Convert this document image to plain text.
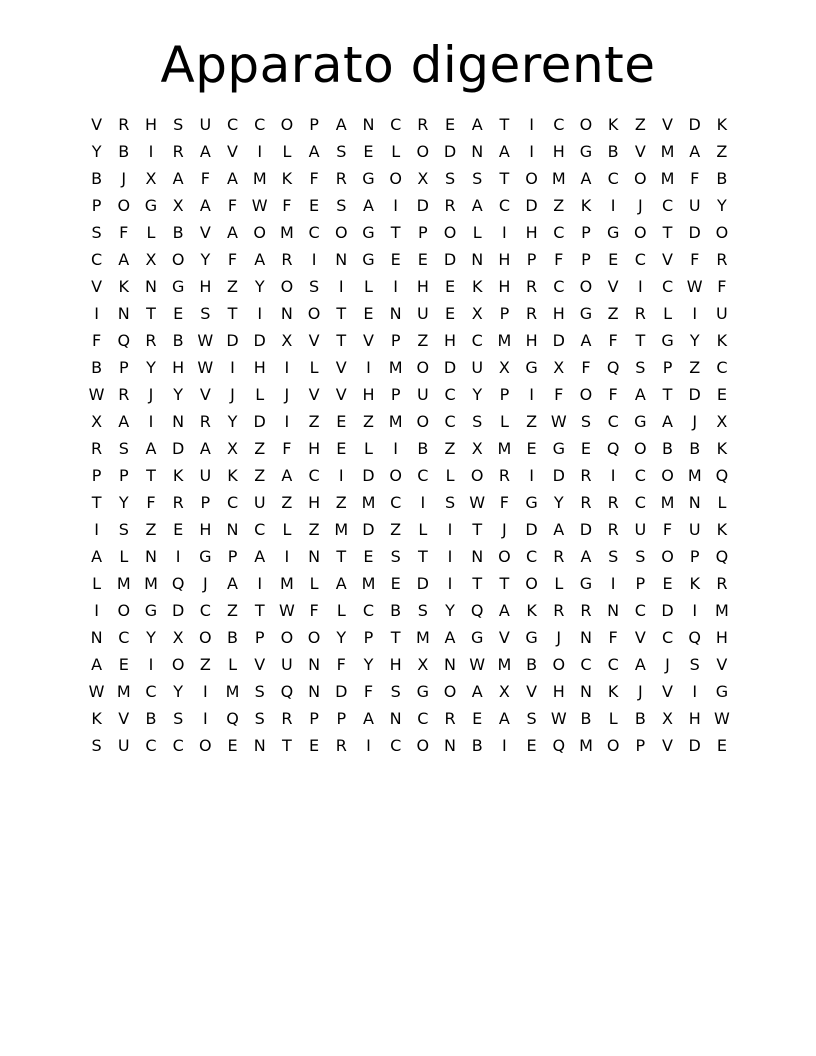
Apparato digerente
V	R H	S	U C	C O	P	A N C	R	E	A	T	I	C O K	Z	V D K
Y	B	I	R	A	V	I	L	A	S	E	L	O D N A	I	H G B	V M A	Z
B	J	X	A	F	A M K	F	R G O X	S	S	T	O M A	C O M F	B
P	O G X	A	F W F	E	S	A	I	D R	A	C D Z	K	I	J	C U	Y
S	F	L	B	V	A O M C O G	T	P	O	L	I	H C	P	G O	T	D O
C	A	X O	Y	F	A	R	I	N G E	E D N H	P	F	P	E	C	V	F	R
V	K N G H Z	Y	O S	I	L	I	H	E	K H R	C O V	I	C W F
I	N	T	E	S	T	I	N O	T	E	N U	E	X	P	R H G Z	R	L	I	U
F	Q R	B W D D X	V	T	V	P	Z H C M H D A	F	T	G	Y	K
B	P	Y	H W	I	H	I	L	V	I	M O D U X G X	F	Q S	P	Z	C
W R	J	Y	V	J	L	J	V	V H	P	U C	Y	P	I	F	O	F	A	T	D E
X	A	I	N R	Y	D	I	Z	E	Z M O C	S	L	Z W S	C G A	J	X
R	S	A D A	X	Z	F	H	E	L	I	B	Z	X M E G E Q O B	B	K
P	P	T	K	U	K	Z	A	C	I	D O C	L	O R	I	D R	I	C O M Q
T	Y	F	R	P	C U Z H Z M C	I	S W F	G	Y	R	R	C M N	L
I	S	Z	E	H N C	L	Z M D Z	L	I	T	J	D A D R U	F	U	K
A	L	N	I	G	P	A	I	N	T	E	S	T	I	N O C	R	A	S	S O	P	Q
L M M Q	J	A	I	M L	A M E D	I	T	T	O	L	G	I	P	E	K	R
I	O G D C	Z	T W F	L	C	B	S	Y	Q A	K	R	R N C D	I	M
N C	Y	X O B	P	O O	Y	P	T M A G V G	J	N	F	V	C Q H
A	E	I	O Z	L	V U N	F	Y	H X N W M B O C	C	A	J	S	V
W M C	Y	I	M S Q N D	F	S G O A	X	V H N K	J	V	I	G
K	V	B	S	I	Q S	R	P	P	A N C	R	E	A	S W B	L	B	X H W
S	U C	C O E	N	T	E	R	I	C O N B	I	E Q M O	P	V D E
